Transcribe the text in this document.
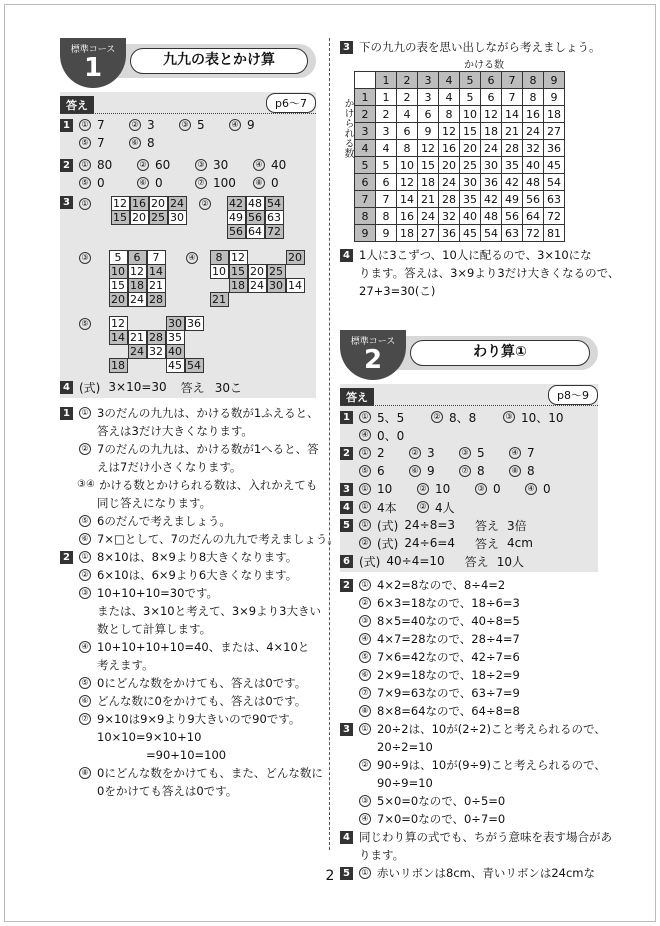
標準コース
1	九九の表とかけ算
答え	p6～7
1	① 7	② 3	③ 5	④ 9
⑤ 7	⑥ 8
2	① 80	② 60	③ 30	④ 40
⑤ 0	⑥ 0	⑦ 100	⑧ 0
3	① 12 16 20 24
15 20 25 30
② 42 48 54
49 56 63
56 64 72
③	5	6	7
10 12 14
15 18 21
20 24 28
④	8 12	20
10 15 20 25
18 24 30 14
21
⑤ 12	30 36
14 21 28 35
24 32 40
18	45 54
4 (式) 3×10=30 答え 30こ
1	① 3のだんの九九は、かける数が1ふえると、
答えは3だけ大きくなります。
② 7のだんの九九は、かける数が1へると、答
えは7だけ小さくなります。
③④ かける数とかけられる数は、入れかえても
同じ答えになります。
⑤ 6のだんで考えましょう。
⑥ 7×□として、7のだんの九九で考えましょう。
2	① 8×10は、8×9より8大きくなります。
② 6×10は、6×9より6大きくなります。
③ 10+10+10=30です。
または、3×10と考えて、3×9より3大きい
数として計算します。
④ 10+10+10+10=40、または、4×10と
考えます。
⑤ 0にどんな数をかけても、答えは0です。
⑥ どんな数に0をかけても、答えは0です。
⑦ 9×10は9×9より9大きいので90です。
10×10=9×10+10
=90+10=100
⑧ 0にどんな数をかけても、また、どんな数に
0をかけても答えは0です。
3 下の九九の表を思い出しながら考えましょう。
かける数
かけられる数
	1	2	3	4	5	6	7	8	9
1	1	2	3	4	5	6	7	8	9
2	2	4	6	8	10	12	14	16	18
3	3	6	9	12	15	18	21	24	27
4	4	8	12	16	20	24	28	32	36
5	5	10	15	20	25	30	35	40	45
6	6	12	18	24	30	36	42	48	54
7	7	14	21	28	35	42	49	56	63
8	8	16	24	32	40	48	56	64	72
9	9	18	27	36	45	54	63	72	81
4 1人に3こずつ、10人に配るので、3×10にな
ります。答えは、3×9より3だけ大きくなるので、
27+3=30(こ)
標準コース
2	わり算①
答え	p8～9
1	① 5、5	② 8、8	③ 10、10
④ 0、0
2	① 2	② 3	③ 5	④ 7
⑤ 6	⑥ 9	⑦ 8	⑧ 8
3	① 10	② 10	③ 0	④ 0
4	① 4本	② 4人
5	① (式) 24÷8=3 答え 3倍
② (式) 24÷6=4 答え 4cm
6 (式) 40÷4=10 答え 10人
2	① 4×2=8なので、8÷4=2
② 6×3=18なので、18÷6=3
③ 8×5=40なので、40÷8=5
④ 4×7=28なので、28÷4=7
⑤ 7×6=42なので、42÷7=6
⑥ 2×9=18なので、18÷2=9
⑦ 7×9=63なので、63÷7=9
⑧ 8×8=64なので、64÷8=8
3	① 20÷2は、10が(2÷2)こと考えられるので、
20÷2=10
② 90÷9は、10が(9÷9)こと考えられるので、
90÷9=10
③ 5×0=0なので、0÷5=0
④ 7×0=0なので、0÷7=0
4 同じわり算の式でも、ちがう意味を表す場合があ
ります。
5	① 赤いリボンは8cm、青いリボンは24cmな
2
